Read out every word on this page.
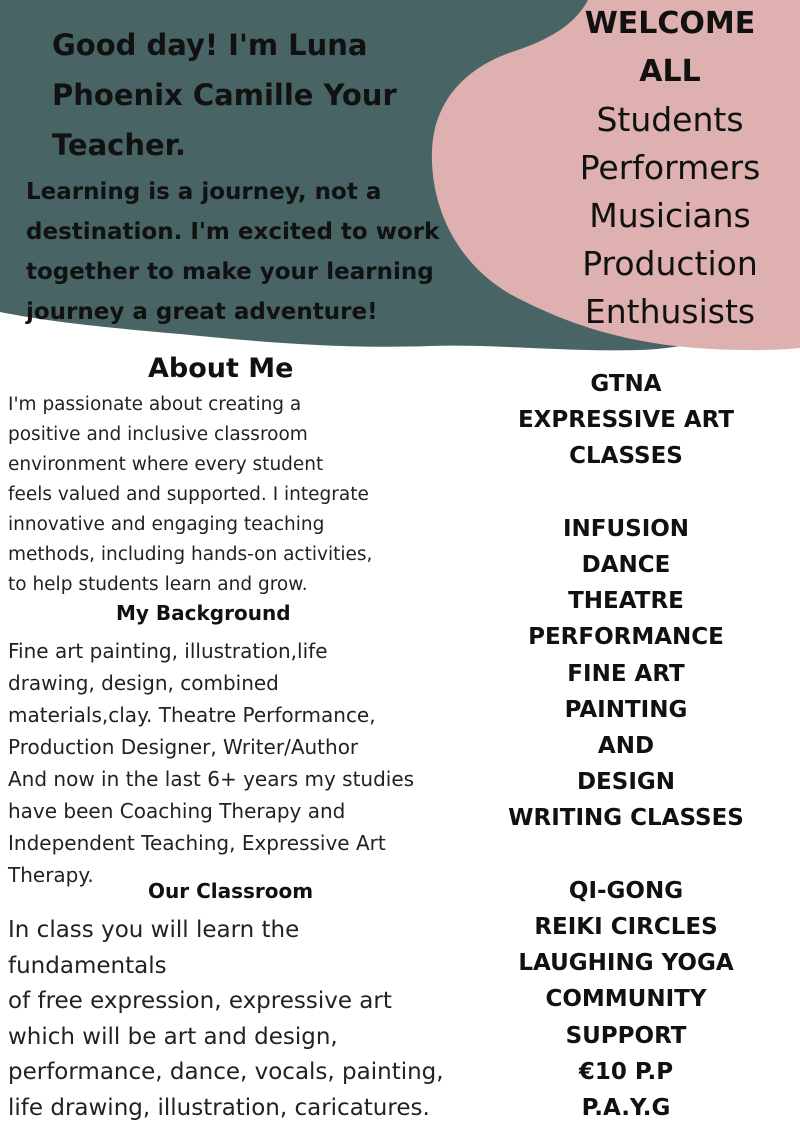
Good day! I'm Luna Phoenix Camille Your Teacher.
Learning is a journey, not a destination. I'm excited to work together to make your learning journey a great adventure!
WELCOME
ALL
Students
Performers
Musicians
Production
Enthusists
About Me
I'm passionate about creating a
positive and inclusive classroom
environment where every student
feels valued and supported. I integrate
innovative and engaging teaching
methods, including hands-on activities,
to help students learn and grow.
My Background
Fine art painting, illustration,life
drawing, design, combined
materials,clay. Theatre Performance,
Production Designer, Writer/Author
And now in the last 6+ years my studies
have been Coaching Therapy and
Independent Teaching, Expressive Art
Therapy.
Our Classroom
In class you will learn the fundamentals
of free expression, expressive art
which will be art and design,
performance, dance, vocals, painting,
life drawing, illustration, caricatures.
GTNA
EXPRESSIVE ART
CLASSES
INFUSION
DANCE
THEATRE
PERFORMANCE
FINE ART
PAINTING
AND
DESIGN
WRITING CLASSES
QI-GONG
REIKI CIRCLES
LAUGHING YOGA
COMMUNITY
SUPPORT
€10 P.P
P.A.Y.G
